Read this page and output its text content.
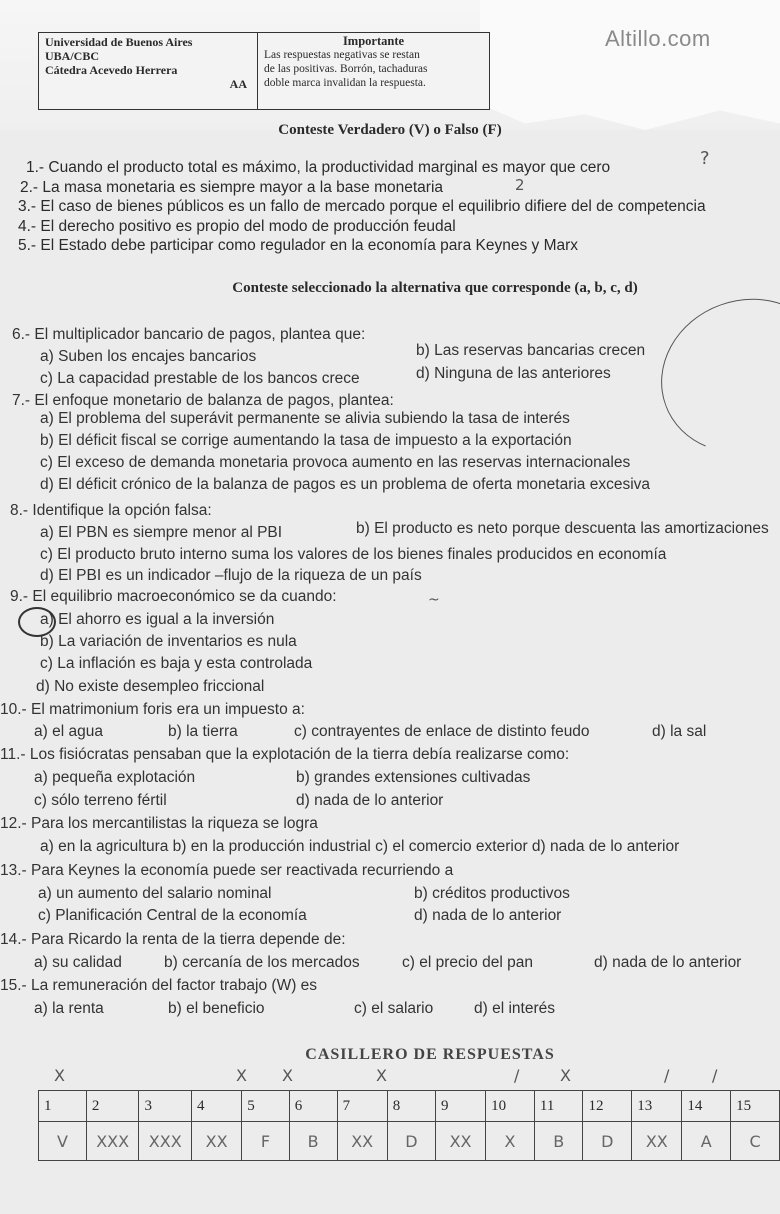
Altillo.com
Universidad de Buenos Aires
UBA/CBC
Cátedra Acevedo Herrera
AA
Importante
Las respuestas negativas se restan
de las positivas. Borrón, tachaduras
doble marca invalidan la respuesta.
Conteste Verdadero (V) o Falso (F)
1.- Cuando el producto total es máximo, la productividad marginal es mayor que cero
2.- La masa monetaria es siempre mayor a la base monetaria
3.- El caso de bienes públicos es un fallo de mercado porque el equilibrio difiere del de competencia
4.- El derecho positivo es propio del modo de producción feudal
5.- El Estado debe participar como regulador en la economía para Keynes y Marx
?
2
Conteste seleccionado la alternativa que corresponde (a, b, c, d)
6.- El multiplicador bancario de pagos, plantea que:
a) Suben los encajes bancarios	b) Las reservas bancarias crecen
c) La capacidad prestable de los bancos crece	d) Ninguna de las anteriores
7.- El enfoque monetario de balanza de pagos, plantea:
a) El problema del superávit permanente se alivia subiendo la tasa de interés
b) El déficit fiscal se corrige aumentando la tasa de impuesto a la exportación
c) El exceso de demanda monetaria provoca aumento en las reservas internacionales
d) El déficit crónico de la balanza de pagos es un problema de oferta monetaria excesiva
8.- Identifique la opción falsa:
a) El PBN es siempre menor al PBI	b) El producto es neto porque descuenta las amortizaciones
c) El producto bruto interno suma los valores de los bienes finales producidos en economía
d) El PBI es un indicador –flujo de la riqueza de un país
9.- El equilibrio macroeconómico se da cuando:
a) El ahorro es igual a la inversión
b) La variación de inventarios es nula
c) La inflación es baja y esta controlada
d) No existe desempleo friccional
~
10.- El matrimonium foris era un impuesto a:
a) el agua	b) la tierra	c) contrayentes de enlace de distinto feudo	d) la sal
11.- Los fisiócratas pensaban que la explotación de la tierra debía realizarse como:
a) pequeña explotación	b) grandes extensiones cultivadas
c) sólo terreno fértil	d) nada de lo anterior
12.- Para los mercantilistas la riqueza se logra
a) en la agricultura b) en la producción industrial c) el comercio exterior d) nada de lo anterior
13.- Para Keynes la economía puede ser reactivada recurriendo a
a) un aumento del salario nominal	b) créditos productivos
c) Planificación Central de la economía	d) nada de lo anterior
14.- Para Ricardo la renta de la tierra depende de:
a) su calidad	b) cercanía de los mercados	c) el precio del pan	d) nada de lo anterior
15.- La remuneración del factor trabajo (W) es
a) la renta	b) el beneficio	c) el salario	d) el interés
CASILLERO DE RESPUESTAS
X	X X	X	/	X	/	/
1	2	3	4	5	6	7	8	9	10	11	12	13	14	15
V	XXX	XXX	XX	F	B	XX	D	XX	X	B	D	XX	A	C
